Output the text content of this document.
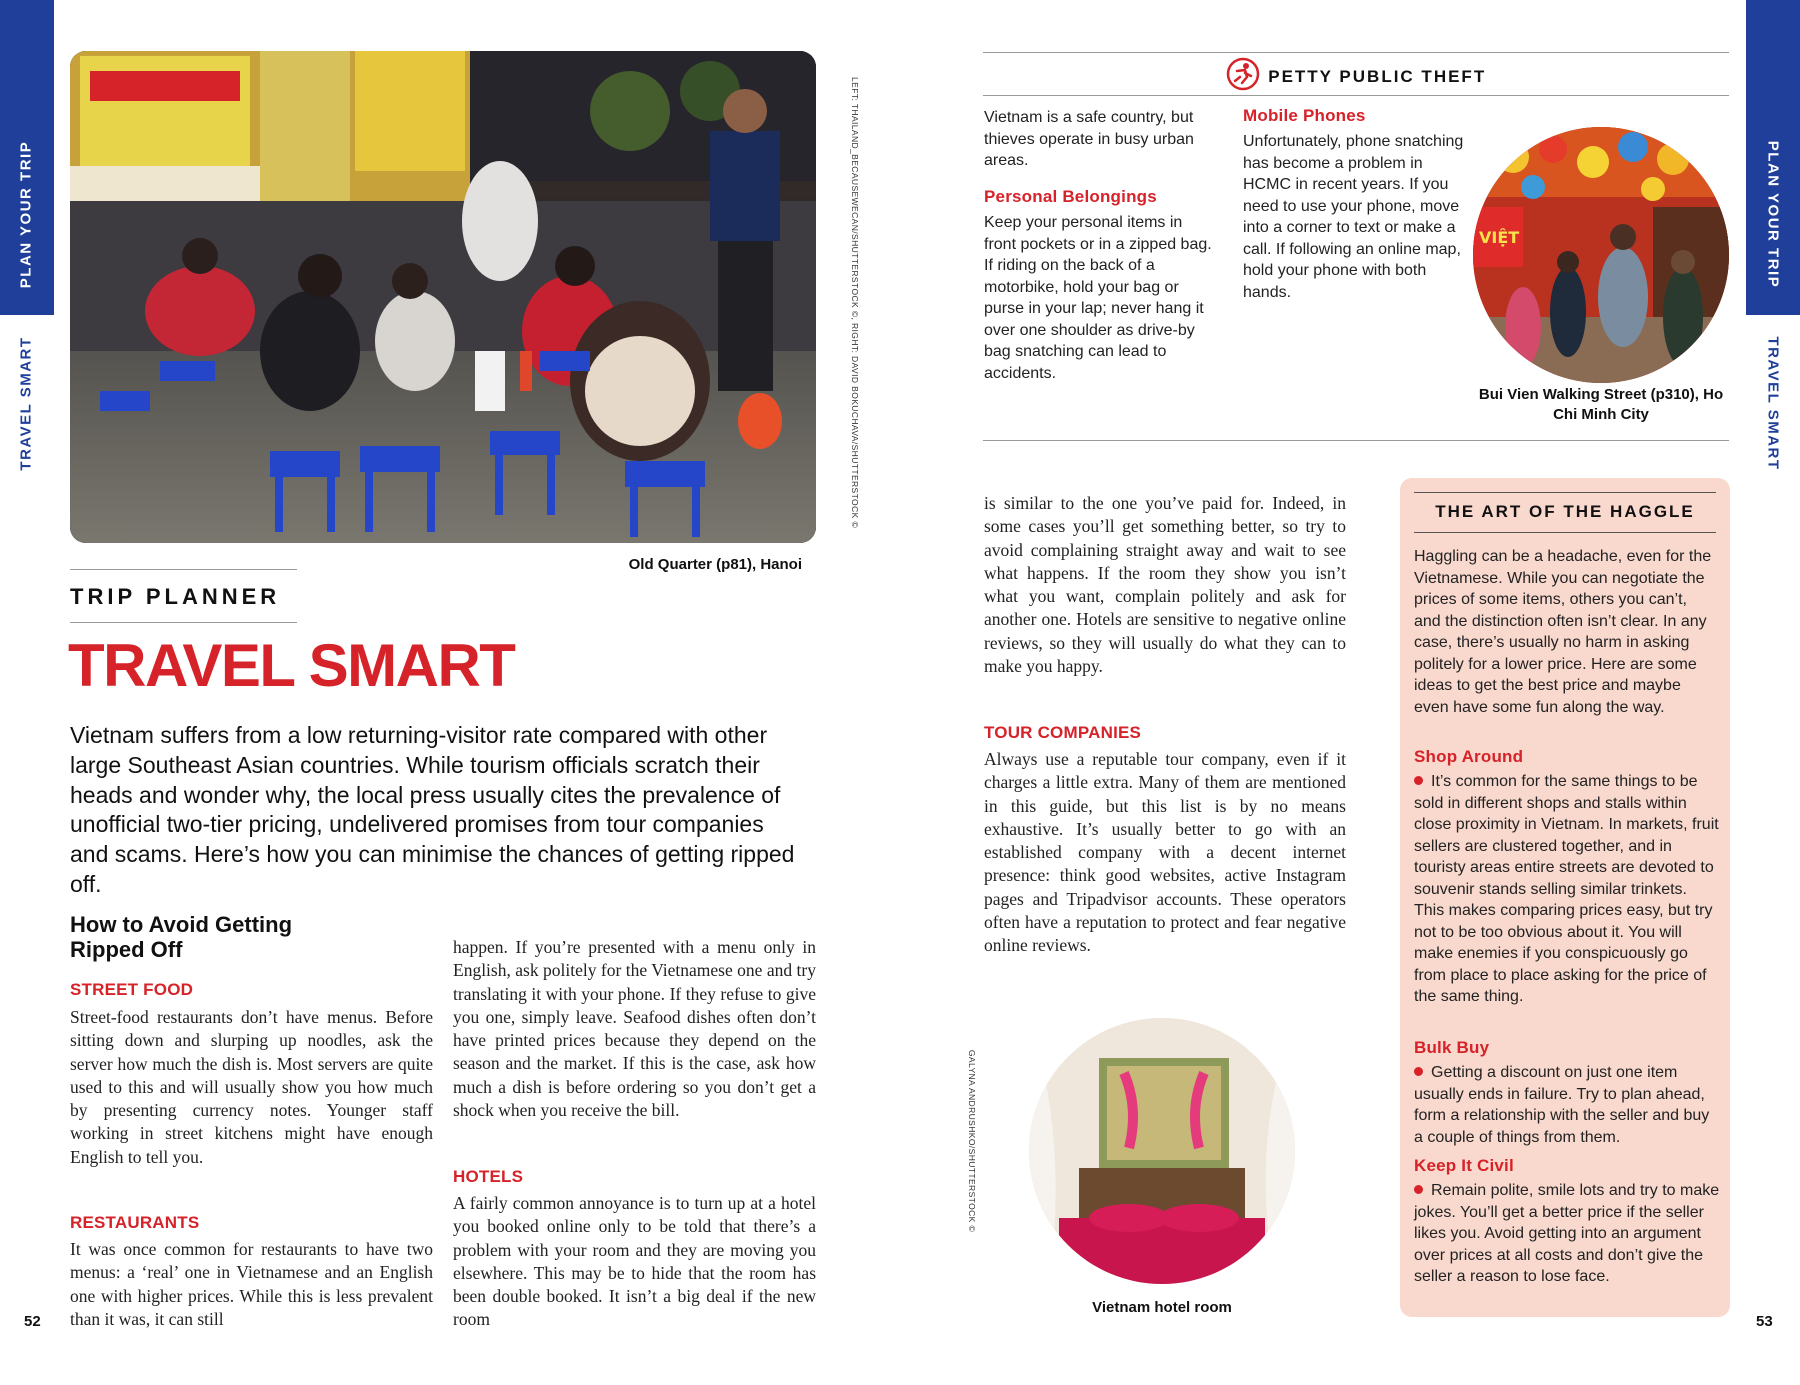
PLAN YOUR TRIP
TRAVEL SMART
PLAN YOUR TRIP
TRAVEL SMART
LEFT: THAILAND_BECAUSEWECAN/SHUTTERSTOCK ©, RIGHT: DAVID BOKUCHAVA/SHUTTERSTOCK ©
Old Quarter (p81), Hanoi
TRIP PLANNER
TRAVEL SMART

Vietnam suffers from a low returning-visitor rate compared with other large Southeast Asian countries. While tourism officials scratch their heads and wonder why, the local press usually cites the prevalence of unofficial two-tier pricing, undelivered promises from tour companies and scams. Here’s how you can minimise the chances of getting ripped off.

How to Avoid Getting Ripped Off
STREET FOOD

Street-food restaurants don’t have menus. Before sitting down and slurping up noodles, ask the server how much the dish is. Most servers are quite used to this and will usually show you how much by presenting currency notes. Younger staff working in street kitchens might have enough English to tell you.

RESTAURANTS

It was once common for restaurants to have two menus: a ‘real’ one in Vietnamese and an English one with higher prices. While this is less prevalent than it was, it can still

happen. If you’re presented with a menu only in English, ask politely for the Vietnamese one and try translating it with your phone. If they refuse to give you one, simply leave. Seafood dishes often don’t have printed prices because they depend on the season and the market. If this is the case, ask how much a dish is before ordering so you don’t get a shock when you receive the bill.

HOTELS

A fairly common annoyance is to turn up at a hotel you booked online only to be told that there’s a problem with your room and they are moving you elsewhere. This may be to hide that the room has been double booked. It isn’t a big deal if the new room

52
PETTY PUBLIC THEFT

Vietnam is a safe country, but thieves operate in busy urban areas.

Personal Belongings

Keep your personal items in front pockets or in a zipped bag. If riding on the back of a motorbike, hold your bag or purse in your lap; never hang it over one shoulder as drive-by bag snatching can lead to accidents.

Mobile Phones

Unfortunately, phone snatching has become a problem in HCMC in recent years. If you need to use your phone, move into a corner to text or make a call. If following an online map, hold your phone with both hands.

VIỆT
Bui Vien Walking Street (p310), Ho Chi Minh City

is similar to the one you’ve paid for. Indeed, in some cases you’ll get something better, so try to avoid complaining straight away and wait to see what happens. If the room they show you isn’t what you want, complain politely and ask for another one. Hotels are sensitive to negative online reviews, so they will usually do what they can to make you happy.

TOUR COMPANIES

Always use a reputable tour company, even if it charges a little extra. Many of them are mentioned in this guide, but this list is by no means exhaustive. It’s usually better to go with an established company with a decent internet presence: think good websites, active Instagram pages and Tripadvisor accounts. These operators often have a reputation to protect and fear negative online reviews.

GALYNA ANDRUSHKO/SHUTTERSTOCK ©
Vietnam hotel room
THE ART OF THE HAGGLE

Haggling can be a headache, even for the Vietnamese. While you can negotiate the prices of some items, others you can’t, and the distinction often isn’t clear. In any case, there’s usually no harm in asking politely for a lower price. Here are some ideas to get the best price and maybe even have some fun along the way.

Shop Around

It’s common for the same things to be sold in different shops and stalls within close proximity in Vietnam. In markets, fruit sellers are clustered together, and in touristy areas entire streets are devoted to souvenir stands selling similar trinkets. This makes comparing prices easy, but try not to be too obvious about it. You will make enemies if you conspicuously go from place to place asking for the price of the same thing.

Bulk Buy

Getting a discount on just one item usually ends in failure. Try to plan ahead, form a relationship with the seller and buy a couple of things from them.

Keep It Civil

Remain polite, smile lots and try to make jokes. You’ll get a better price if the seller likes you. Avoid getting into an argument over prices at all costs and don’t give the seller a reason to lose face.

53
